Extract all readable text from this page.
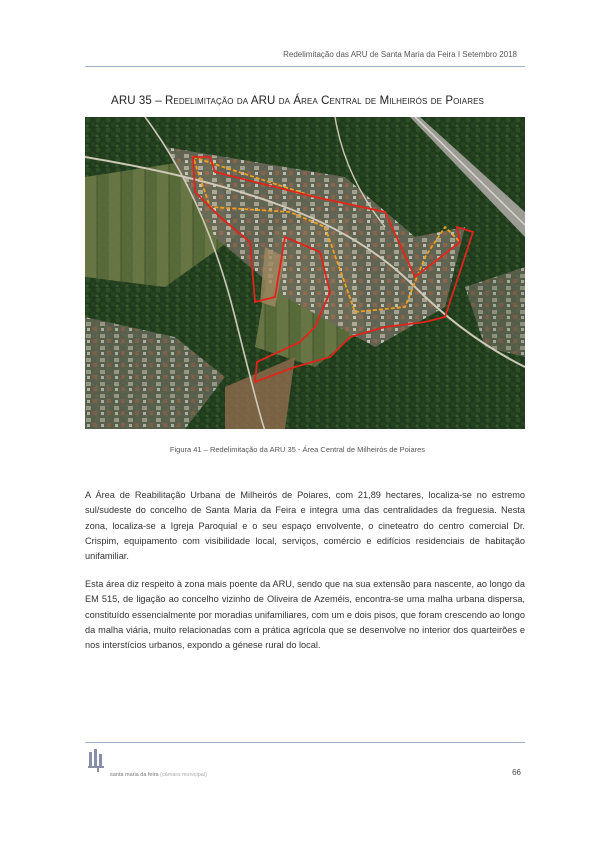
Redelimitação das ARU de Santa Maria da Feira I Setembro 2018
ARU 35 – Redelimitação da ARU da Área Central de Milheirós de Poiares
Figura 41 – Redelimitação da ARU 35 - Área Central de Milheirós de Poiares

A Área de Reabilitação Urbana de Milheirós de Poiares, com 21,89 hectares, localiza-se no estremo sul/sudeste do concelho de Santa Maria da Feira e integra uma das centralidades da freguesia. Nesta zona, localiza-se a Igreja Paroquial e o seu espaço envolvente, o cineteatro do centro comercial Dr. Crispim, equipamento com visibilidade local, serviços, comércio e edifícios residenciais de habitação unifamiliar.

Esta área diz respeito à zona mais poente da ARU, sendo que na sua extensão para nascente, ao longo da EM 515, de ligação ao concelho vizinho de Oliveira de Azeméis, encontra-se uma malha urbana dispersa, constituído essencialmente por moradias unifamiliares, com um e dois pisos, que foram crescendo ao longo da malha viária, muito relacionadas com a prática agrícola que se desenvolve no interior dos quarteirões e nos interstícios urbanos, expondo a génese rural do local.

santa maria da feira (câmara municipal)	66
